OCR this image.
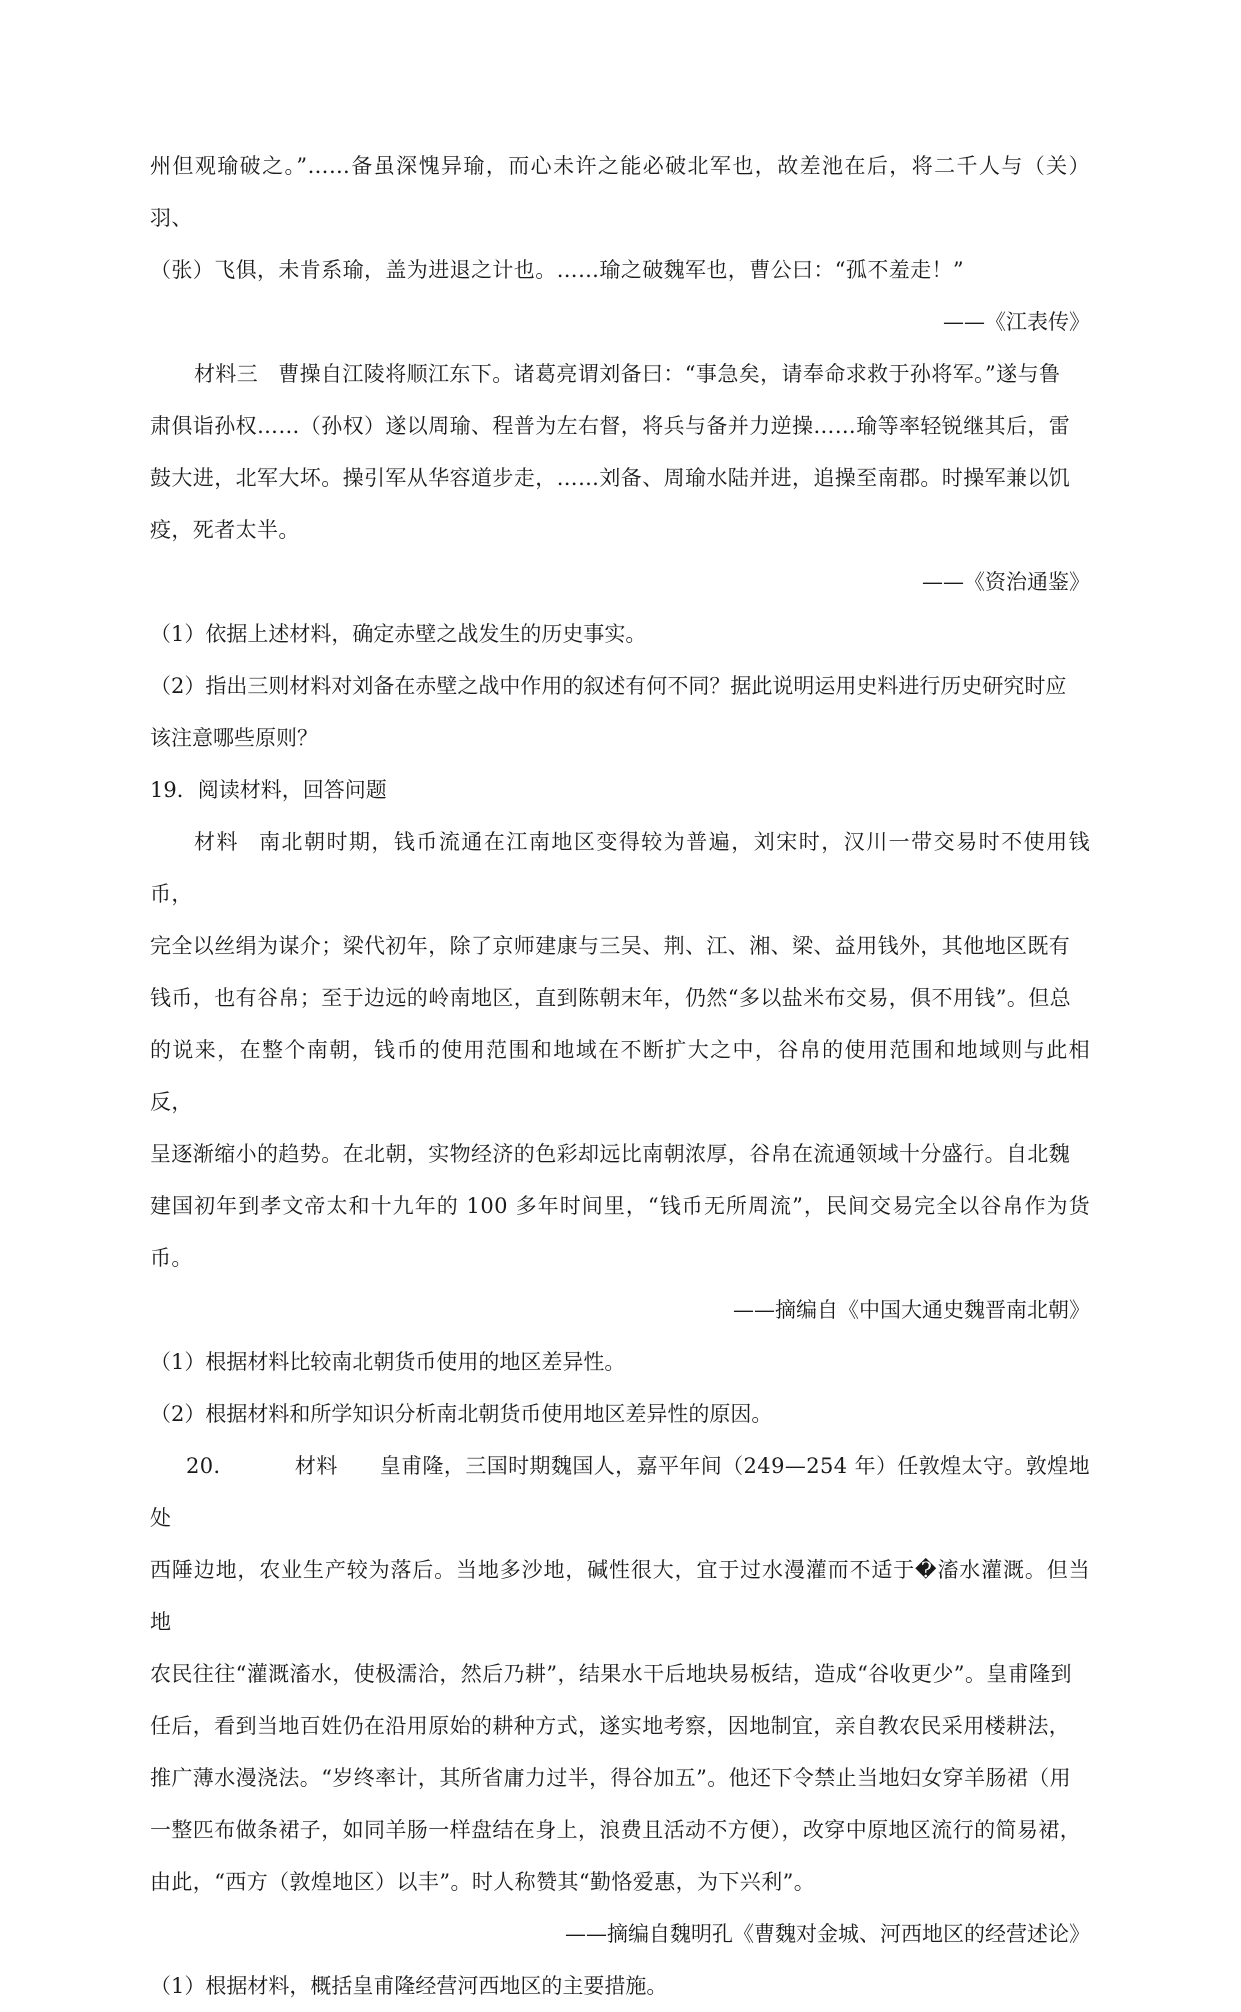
州但观瑜破之。”……备虽深愧异瑜，而心未许之能必破北军也，故差池在后，将二千人与（关）羽、

（张）飞俱，未肯系瑜，盖为进退之计也。……瑜之破魏军也，曹公曰：“孤不羞走！”

——《江表传》

材料三 曹操自江陵将顺江东下。诸葛亮谓刘备曰：“事急矣，请奉命求救于孙将军。”遂与鲁

肃俱诣孙权……（孙权）遂以周瑜、程普为左右督，将兵与备并力逆操……瑜等率轻锐继其后，雷

鼓大进，北军大坏。操引军从华容道步走，……刘备、周瑜水陆并进，追操至南郡。时操军兼以饥

疫，死者太半。

——《资治通鉴》

（1）依据上述材料，确定赤壁之战发生的历史事实。

（2）指出三则材料对刘备在赤壁之战中作用的叙述有何不同？据此说明运用史料进行历史研究时应

该注意哪些原则？

19．阅读材料，回答问题

材料 南北朝时期，钱币流通在江南地区变得较为普遍，刘宋时，汉川一带交易时不使用钱币，

完全以丝绢为谋介；梁代初年，除了京师建康与三吴、荆、江、湘、梁、益用钱外，其他地区既有

钱币，也有谷帛；至于边远的岭南地区，直到陈朝末年，仍然“多以盐米布交易，俱不用钱”。但总

的说来，在整个南朝，钱币的使用范围和地域在不断扩大之中，谷帛的使用范围和地域则与此相反，

呈逐渐缩小的趋势。在北朝，实物经济的色彩却远比南朝浓厚，谷帛在流通领域十分盛行。自北魏

建国初年到孝文帝太和十九年的 100 多年时间里，“钱币无所周流”，民间交易完全以谷帛作为货币。

——摘编自《中国大通史魏晋南北朝》

（1）根据材料比较南北朝货币使用的地区差异性。

（2）根据材料和所学知识分析南北朝货币使用地区差异性的原因。

20．	材料 皇甫隆，三国时期魏国人，嘉平年间（249—254 年）任敦煌太守。敦煌地处

西陲边地，农业生产较为落后。当地多沙地，碱性很大，宜于过水漫灌而不适于�滀水灌溉。但当地

农民往往“灌溉滀水，使极濡洽，然后乃耕”，结果水干后地块易板结，造成“谷收更少”。皇甫隆到

任后，看到当地百姓仍在沿用原始的耕种方式，遂实地考察，因地制宜，亲自教农民采用楼耕法，

推广薄水漫浇法。“岁终率计，其所省庸力过半，得谷加五”。他还下令禁止当地妇女穿羊肠裙（用

一整匹布做条裙子，如同羊肠一样盘结在身上，浪费且活动不方便），改穿中原地区流行的简易裙，

由此，“西方（敦煌地区）以丰”。时人称赞其“勤恪爱惠，为下兴利”。

——摘编自魏明孔《曹魏对金城、河西地区的经营述论》

（1）根据材料，概括皇甫隆经营河西地区的主要措施。
